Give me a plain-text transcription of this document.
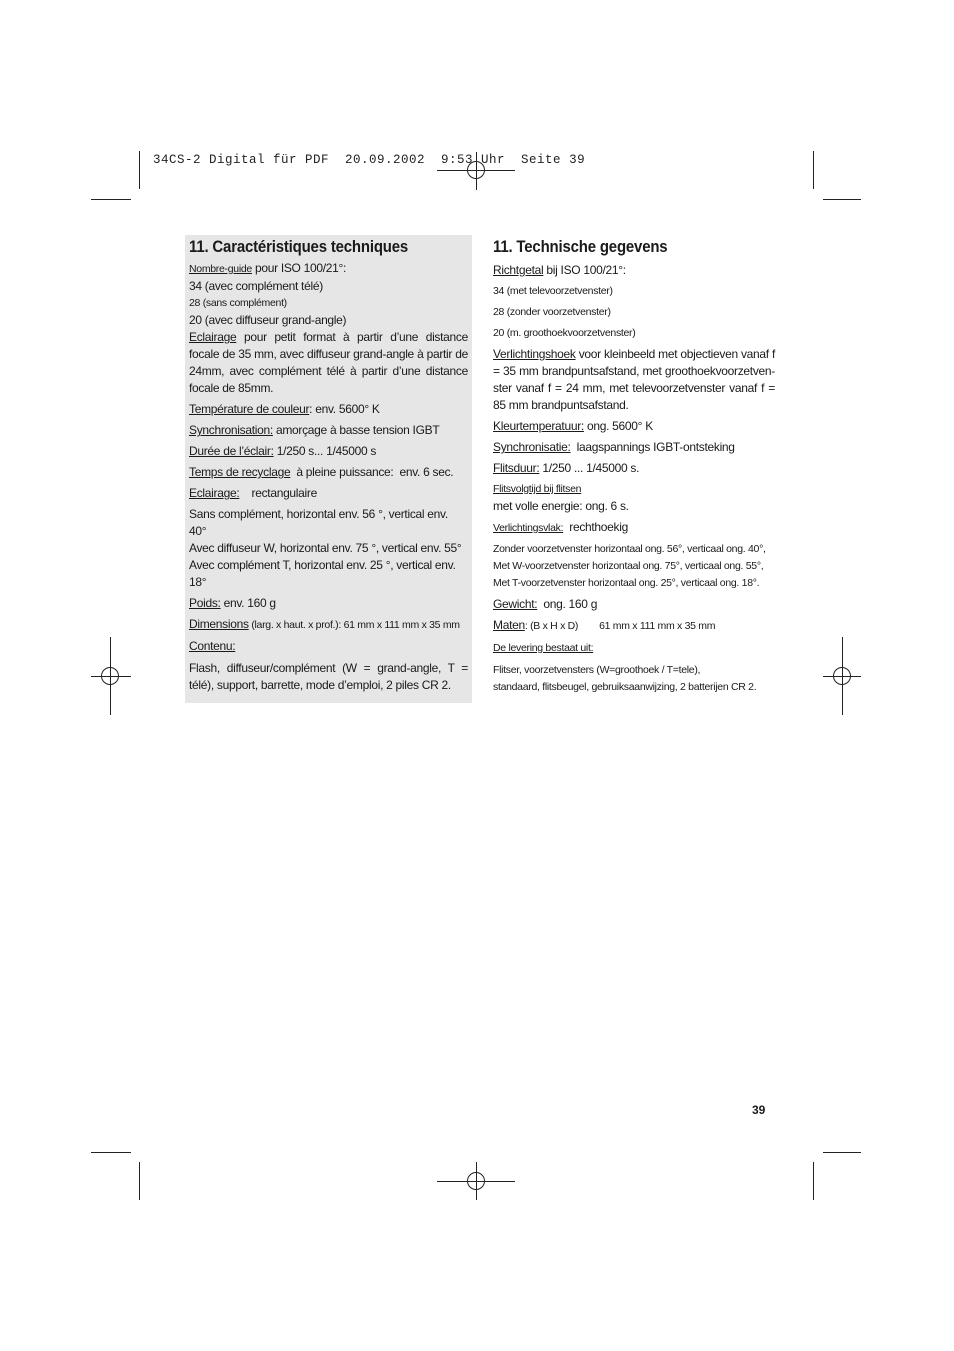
34CS-2 Digital für PDF  20.09.2002  9:53 Uhr  Seite 39
11. Caractéristiques techniques
Nombre-guide pour ISO 100/21°:
34 (avec complément télé)
28 (sans complément)
20 (avec diffuseur grand-angle)
Eclairage pour petit format à partir d’une distance focale de 35 mm, avec diffuseur grand-angle à partir de 24mm, avec complément télé à partir d’une distance focale de 85mm.
Température de couleur: env. 5600° K
Synchronisation: amorçage à basse tension IGBT
Durée de l’éclair: 1/250 s... 1/45000 s
Temps de recyclage  à pleine puissance:  env. 6 sec.
Eclairage:    rectangulaire
Sans complément, horizontal env. 56 °, vertical env. 40°
Avec diffuseur W, horizontal env. 75 °, vertical env. 55°
Avec complément T, horizontal env. 25 °, vertical env. 18°
Poids: env. 160 g
Dimensions (larg. x haut. x prof.): 61 mm x 111 mm x 35 mm
Contenu:
Flash, diffuseur/complément (W = grand-angle, T = télé), support, barrette, mode d’emploi, 2 piles CR 2.
11. Technische gegevens
Richtgetal bij ISO 100/21°:
34 (met televoorzetvenster)
28 (zonder voorzetvenster)
20 (m. groothoekvoorzetvenster)
Verlichtingshoek voor kleinbeeld met objectieven vanaf f = 35 mm brandpuntsafstand, met groothoekvoorzetven-ster vanaf f = 24 mm, met televoorzetvenster vanaf f = 85 mm brandpuntsafstand.
Kleurtemperatuur: ong. 5600° K
Synchronisatie:  laagspannings IGBT-ontsteking
Flitsduur: 1/250 ... 1/45000 s.
Flitsvolgtijd bij flitsen
met volle energie: ong. 6 s.
Verlichtingsvlak:  rechthoekig
Zonder voorzetvenster horizontaal ong. 56°, verticaal ong. 40°,
Met W-voorzetvenster horizontaal ong. 75°, verticaal ong. 55°,
Met T-voorzetvenster horizontaal ong. 25°, verticaal ong. 18°.
Gewicht:  ong. 160 g
Maten: (B x H x D)        61 mm x 111 mm x 35 mm
De levering bestaat uit:
Flitser, voorzetvensters (W=groothoek / T=tele),
standaard, flitsbeugel, gebruiksaanwijzing, 2 batterijen CR 2.
39
